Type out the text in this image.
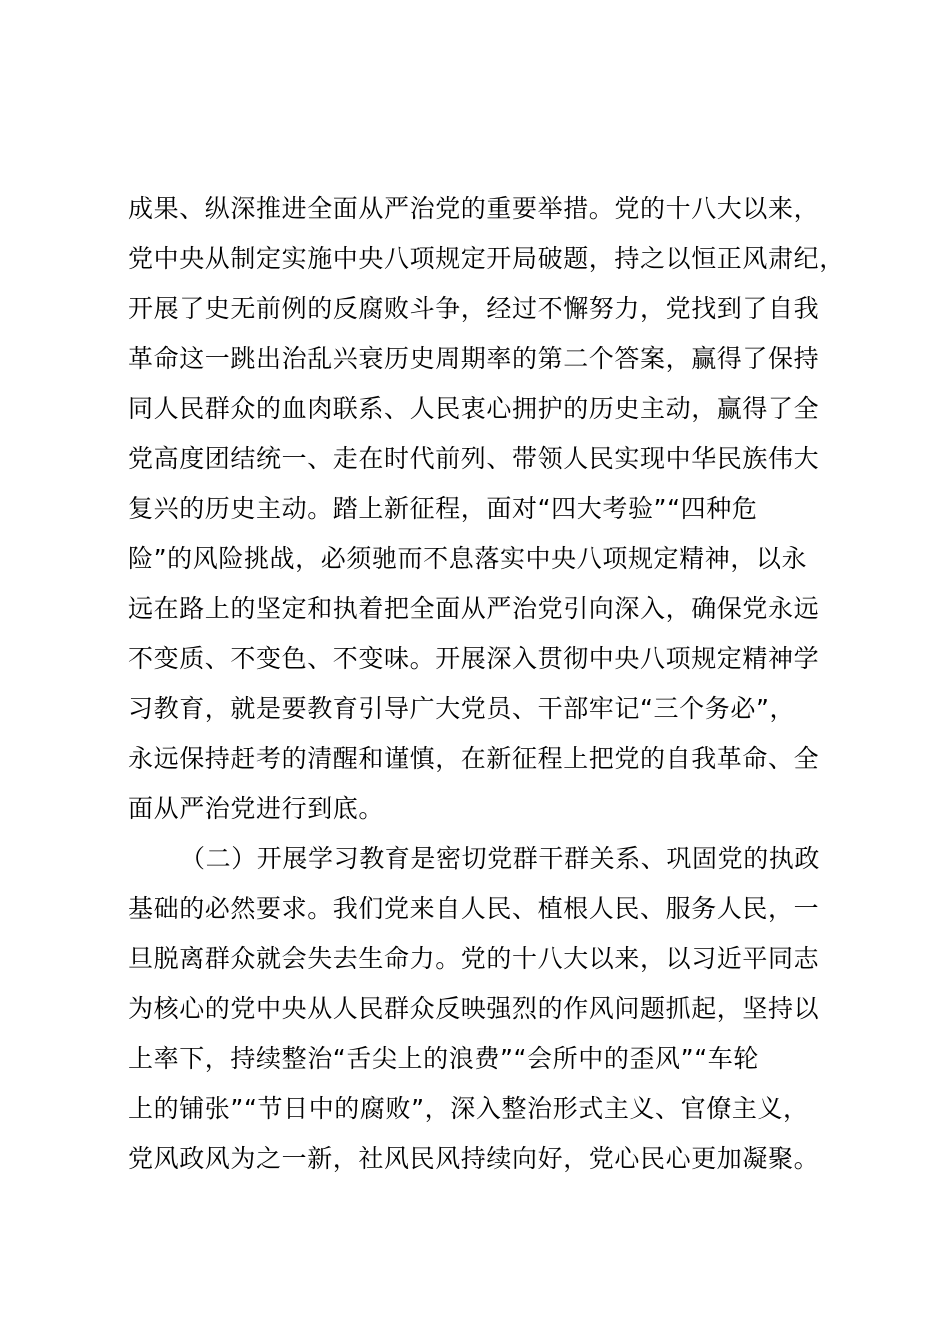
成果、纵深推进全面从严治党的重要举措。党的十八大以来，
党中央从制定实施中央八项规定开局破题，持之以恒正风肃纪，
开展了史无前例的反腐败斗争，经过不懈努力，党找到了自我
革命这一跳出治乱兴衰历史周期率的第二个答案，赢得了保持
同人民群众的血肉联系、人民衷心拥护的历史主动，赢得了全
党高度团结统一、走在时代前列、带领人民实现中华民族伟大
复兴的历史主动。踏上新征程，面对“四大考验”“四种危
险”的风险挑战，必须驰而不息落实中央八项规定精神，以永
远在路上的坚定和执着把全面从严治党引向深入，确保党永远
不变质、不变色、不变味。开展深入贯彻中央八项规定精神学
习教育，就是要教育引导广大党员、干部牢记“三个务必”，
永远保持赶考的清醒和谨慎，在新征程上把党的自我革命、全
面从严治党进行到底。
（二）开展学习教育是密切党群干群关系、巩固党的执政
基础的必然要求。我们党来自人民、植根人民、服务人民，一
旦脱离群众就会失去生命力。党的十八大以来，以习近平同志
为核心的党中央从人民群众反映强烈的作风问题抓起，坚持以
上率下，持续整治“舌尖上的浪费”“会所中的歪风”“车轮
上的铺张”“节日中的腐败”，深入整治形式主义、官僚主义，
党风政风为之一新，社风民风持续向好，党心民心更加凝聚。
